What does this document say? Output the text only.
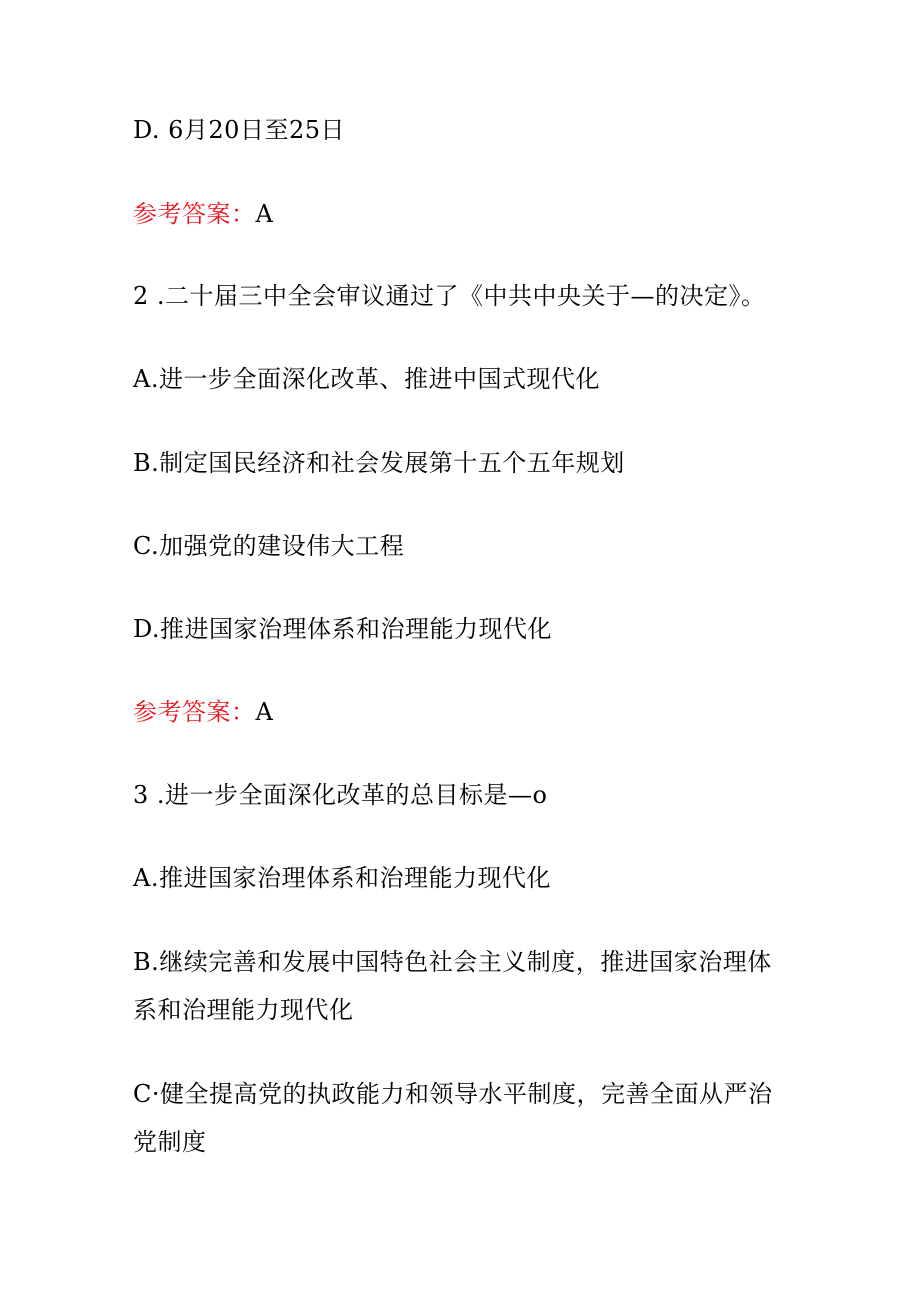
D. 6月20日至25日
参考答案：A
2 .二十届三中全会审议通过了《中共中央关于—的决定》。
A.进一步全面深化改革、推进中国式现代化
B.制定国民经济和社会发展第十五个五年规划
C.加强党的建设伟大工程
D.推进国家治理体系和治理能力现代化
参考答案：A
3 .进一步全面深化改革的总目标是—o
A.推进国家治理体系和治理能力现代化
B.继续完善和发展中国特色社会主义制度，推进国家治理体系和治理能力现代化
C·健全提高党的执政能力和领导水平制度，完善全面从严治党制度
